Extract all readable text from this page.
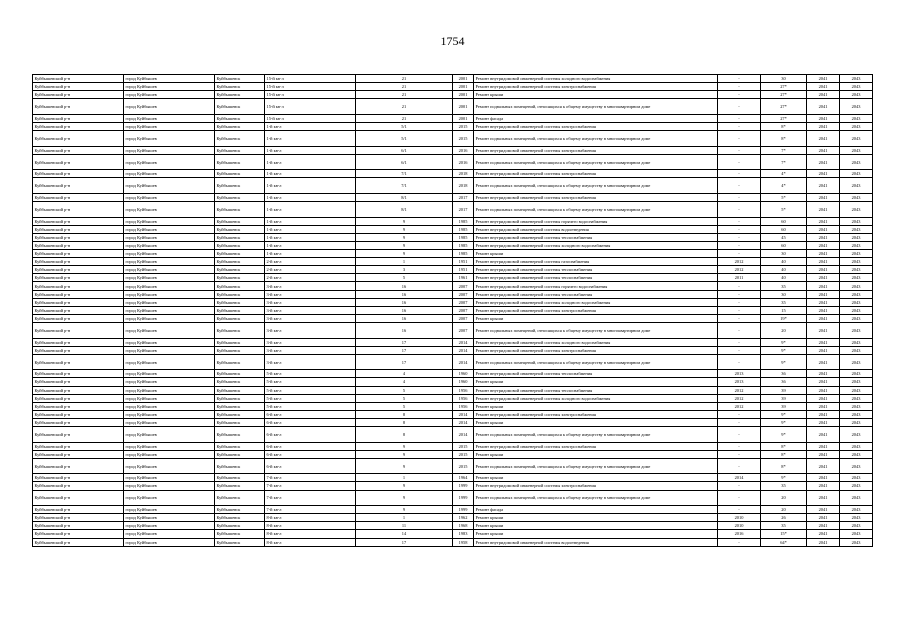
1754
Куйбышевский р-н	город Куйбышев	Куйбышевск	15-й кв-л	21	2001	Ремонт внутридомовой инженерной системы холодного водоснабжения	-	30	2041	2043
Куйбышевский р-н	город Куйбышев	Куйбышевск	15-й кв-л	21	2001	Ремонт внутридомовой инженерной системы электроснабжения	-	27*	2041	2043
Куйбышевский р-н	город Куйбышев	Куйбышевск	15-й кв-л	21	2001	Ремонт крыши	-	27*	2041	2043
Куйбышевский р-н	город Куйбышев	Куйбышевск	15-й кв-л	21	2001	Ремонт подвальных помещений, относящихся к общему имуществу в многоквартирном доме	-	27*	2041	2043
Куйбышевский р-н	город Куйбышев	Куйбышевск	15-й кв-л	21	2001	Ремонт фасада	-	27*	2041	2043
Куйбышевский р-н	город Куйбышев	Куйбышевск	1-й кв-л	5/1	2015	Ремонт внутридомовой инженерной системы электроснабжения	-	8*	2041	2043
Куйбышевский р-н	город Куйбышев	Куйбышевск	1-й кв-л	5/1	2015	Ремонт подвальных помещений, относящихся к общему имуществу в многоквартирном доме	-	8*	2041	2043
Куйбышевский р-н	город Куйбышев	Куйбышевск	1-й кв-л	6/1	2016	Ремонт внутридомовой инженерной системы электроснабжения	-	7*	2041	2043
Куйбышевский р-н	город Куйбышев	Куйбышевск	1-й кв-л	6/1	2016	Ремонт подвальных помещений, относящихся к общему имуществу в многоквартирном доме	-	7*	2041	2043
Куйбышевский р-н	город Куйбышев	Куйбышевск	1-й кв-л	7/1	2018	Ремонт внутридомовой инженерной системы электроснабжения	-	4*	2041	2043
Куйбышевский р-н	город Куйбышев	Куйбышевск	1-й кв-л	7/1	2018	Ремонт подвальных помещений, относящихся к общему имуществу в многоквартирном доме	-	4*	2041	2043
Куйбышевский р-н	город Куйбышев	Куйбышевск	1-й кв-л	8/1	2017	Ремонт внутридомовой инженерной системы электроснабжения	-	5*	2041	2043
Куйбышевский р-н	город Куйбышев	Куйбышевск	1-й кв-л	8/1	2017	Ремонт подвальных помещений, относящихся к общему имуществу в многоквартирном доме	-	5*	2041	2043
Куйбышевский р-н	город Куйбышев	Куйбышевск	1-й кв-л	9	1985	Ремонт внутридомовой инженерной системы горячего водоснабжения	-	60	2041	2043
Куйбышевский р-н	город Куйбышев	Куйбышевск	1-й кв-л	9	1985	Ремонт внутридомовой инженерной системы водоотведения	-	60	2041	2043
Куйбышевский р-н	город Куйбышев	Куйбышевск	1-й кв-л	9	1985	Ремонт внутридомовой инженерной системы теплоснабжения	-	45	2041	2043
Куйбышевский р-н	город Куйбышев	Куйбышевск	1-й кв-л	9	1985	Ремонт внутридомовой инженерной системы холодного водоснабжения	-	60	2041	2043
Куйбышевский р-н	город Куйбышев	Куйбышевск	1-й кв-л	9	1985	Ремонт крыши	-	30	2041	2043
Куйбышевский р-н	город Куйбышев	Куйбышевск	2-й кв-л	1	1951	Ремонт внутридомовой инженерной системы газоснабжения	2012	40	2041	2043
Куйбышевский р-н	город Куйбышев	Куйбышевск	2-й кв-л	3	1951	Ремонт внутридомовой инженерной системы теплоснабжения	2012	40	2041	2043
Куйбышевский р-н	город Куйбышев	Куйбышевск	2-й кв-л	5	1961	Ремонт внутридомовой инженерной системы теплоснабжения	2011	40	2041	2043
Куйбышевский р-н	город Куйбышев	Куйбышевск	3-й кв-л	16	2007	Ремонт внутридомовой инженерной системы горячего водоснабжения	-	35	2041	2043
Куйбышевский р-н	город Куйбышев	Куйбышевск	3-й кв-л	16	2007	Ремонт внутридомовой инженерной системы теплоснабжения	-	30	2041	2043
Куйбышевский р-н	город Куйбышев	Куйбышевск	3-й кв-л	16	2007	Ремонт внутридомовой инженерной системы холодного водоснабжения	-	35	2041	2043
Куйбышевский р-н	город Куйбышев	Куйбышевск	3-й кв-л	16	2007	Ремонт внутридомовой инженерной системы электроснабжения	-	15	2041	2043
Куйбышевский р-н	город Куйбышев	Куйбышевск	3-й кв-л	16	2007	Ремонт крыши	-	19*	2041	2043
Куйбышевский р-н	город Куйбышев	Куйбышевск	3-й кв-л	16	2007	Ремонт подвальных помещений, относящихся к общему имуществу в многоквартирном доме	-	20	2041	2043
Куйбышевский р-н	город Куйбышев	Куйбышевск	3-й кв-л	17	2014	Ремонт внутридомовой инженерной системы холодного водоснабжения	-	9*	2041	2043
Куйбышевский р-н	город Куйбышев	Куйбышевск	3-й кв-л	17	2014	Ремонт внутридомовой инженерной системы электроснабжения	-	9*	2041	2043
Куйбышевский р-н	город Куйбышев	Куйбышевск	3-й кв-л	17	2014	Ремонт подвальных помещений, относящихся к общему имуществу в многоквартирном доме	-	9*	2041	2043
Куйбышевский р-н	город Куйбышев	Куйбышевск	5-й кв-л	4	1960	Ремонт внутридомовой инженерной системы теплоснабжения	2013	36	2041	2043
Куйбышевский р-н	город Куйбышев	Куйбышевск	5-й кв-л	4	1960	Ремонт крыши	2013	36	2041	2043
Куйбышевский р-н	город Куйбышев	Куйбышевск	5-й кв-л	5	1956	Ремонт внутридомовой инженерной системы теплоснабжения	2012	39	2041	2043
Куйбышевский р-н	город Куйбышев	Куйбышевск	5-й кв-л	5	1956	Ремонт внутридомовой инженерной системы холодного водоснабжения	2012	39	2041	2043
Куйбышевский р-н	город Куйбышев	Куйбышевск	5-й кв-л	5	1956	Ремонт крыши	2012	39	2041	2043
Куйбышевский р-н	город Куйбышев	Куйбышевск	6-й кв-л	8	2014	Ремонт внутридомовой инженерной системы электроснабжения	-	9*	2041	2043
Куйбышевский р-н	город Куйбышев	Куйбышевск	6-й кв-л	8	2014	Ремонт крыши	-	9*	2041	2043
Куйбышевский р-н	город Куйбышев	Куйбышевск	6-й кв-л	8	2014	Ремонт подвальных помещений, относящихся к общему имуществу в многоквартирном доме	-	9*	2041	2043
Куйбышевский р-н	город Куйбышев	Куйбышевск	6-й кв-л	9	2015	Ремонт внутридомовой инженерной системы электроснабжения	-	8*	2041	2043
Куйбышевский р-н	город Куйбышев	Куйбышевск	6-й кв-л	9	2015	Ремонт крыши	-	8*	2041	2043
Куйбышевский р-н	город Куйбышев	Куйбышевск	6-й кв-л	9	2015	Ремонт подвальных помещений, относящихся к общему имуществу в многоквартирном доме	-	8*	2041	2043
Куйбышевский р-н	город Куйбышев	Куйбышевск	7-й кв-л	1	1964	Ремонт крыши	2014	9*	2041	2043
Куйбышевский р-н	город Куйбышев	Куйбышевск	7-й кв-л	9	1999	Ремонт внутридомовой инженерной системы электроснабжения	-	35	2041	2043
Куйбышевский р-н	город Куйбышев	Куйбышевск	7-й кв-л	9	1999	Ремонт подвальных помещений, относящихся к общему имуществу в многоквартирном доме	-	20	2041	2043
Куйбышевский р-н	город Куйбышев	Куйбышевск	7-й кв-л	9	1999	Ремонт фасада	-	20	2041	2043
Куйбышевский р-н	город Куйбышев	Куйбышевск	8-й кв-л	1	1962	Ремонт крыши	2010	26	2041	2043
Куйбышевский р-н	город Куйбышев	Куйбышевск	8-й кв-л	11	1968	Ремонт крыши	2010	35	2041	2043
Куйбышевский р-н	город Куйбышев	Куйбышевск	8-й кв-л	14	1983	Ремонт крыши	2016	15*	2041	2043
Куйбышевский р-н	город Куйбышев	Куйбышевск	8-й кв-л	17	1958	Ремонт внутридомовой инженерной системы водоотведения	-	64*	2041	2043
